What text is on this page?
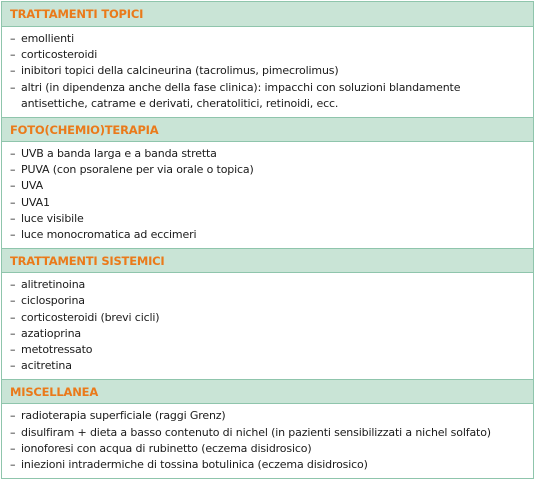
TRATTAMENTI TOPICI
– emollienti
– corticosteroidi
– inibitori topici della calcineurina (tacrolimus, pimecrolimus)
– altri (in dipendenza anche della fase clinica): impacchi con soluzioni blandamente antisettiche, catrame e derivati, cheratolitici, retinoidi, ecc.
FOTO(CHEMIO)TERAPIA
– UVB a banda larga e a banda stretta
– PUVA (con psoralene per via orale o topica)
– UVA
– UVA1
– luce visibile
– luce monocromatica ad eccimeri
TRATTAMENTI SISTEMICI
– alitretinoina
– ciclosporina
– corticosteroidi (brevi cicli)
– azatioprina
– metotressato
– acitretina
MISCELLANEA
– radioterapia superficiale (raggi Grenz)
– disulfiram + dieta a basso contenuto di nichel (in pazienti sensibilizzati a nichel solfato)
– ionoforesi con acqua di rubinetto (eczema disidrosico)
– iniezioni intradermiche di tossina botulinica (eczema disidrosico)
